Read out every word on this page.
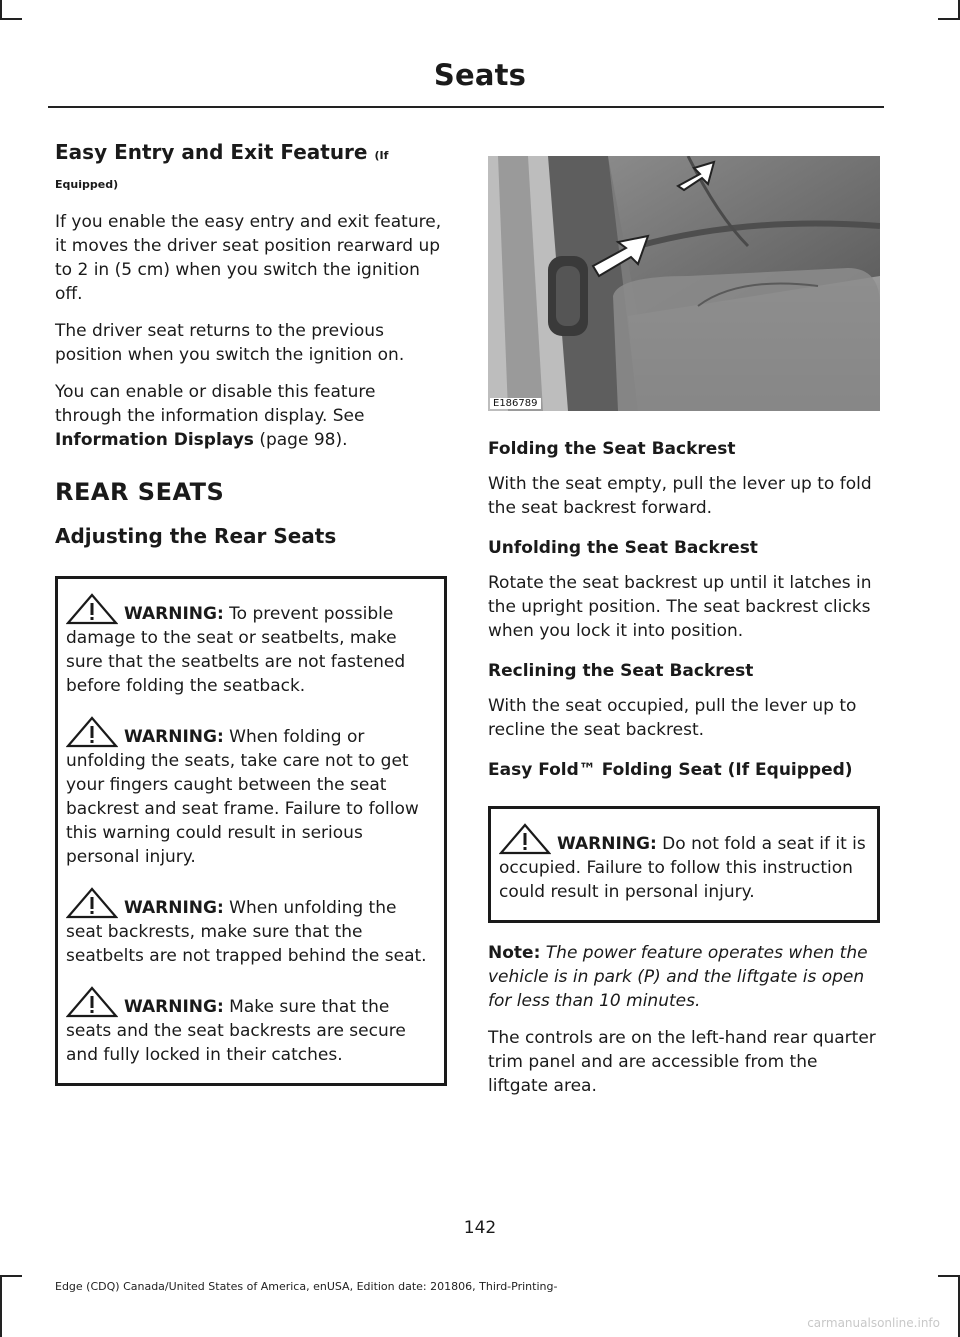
Seats
Easy Entry and Exit Feature (If
Equipped)

If you enable the easy entry and exit feature, it moves the driver seat position rearward up to 2 in (5 cm) when you switch the ignition off.

The driver seat returns to the previous position when you switch the ignition on.

You can enable or disable this feature through the information display. See Information Displays (page 98).

REAR SEATS
Adjusting the Rear Seats
WARNING: To prevent possible damage to the seat or seatbelts, make sure that the seatbelts are not fastened before folding the seatback.
WARNING: When folding or unfolding the seats, take care not to get your fingers caught between the seat backrest and seat frame. Failure to follow this warning could result in serious personal injury.
WARNING: When unfolding the seat backrests, make sure that the seatbelts are not trapped behind the seat.
WARNING: Make sure that the seats and the seat backrests are secure and fully locked in their catches.
E186789
Folding the Seat Backrest

With the seat empty, pull the lever up to fold the seat backrest forward.

Unfolding the Seat Backrest

Rotate the seat backrest up until it latches in the upright position. The seat backrest clicks when you lock it into position.

Reclining the Seat Backrest

With the seat occupied, pull the lever up to recline the seat backrest.

Easy Fold™ Folding Seat (If Equipped)
WARNING: Do not fold a seat if it is occupied. Failure to follow this instruction could result in personal injury.

Note: The power feature operates when the vehicle is in park (P) and the liftgate is open for less than 10 minutes.

The controls are on the left-hand rear quarter trim panel and are accessible from the liftgate area.

142
Edge (CDQ) Canada/United States of America, enUSA, Edition date: 201806, Third-Printing-
carmanualsonline.info
